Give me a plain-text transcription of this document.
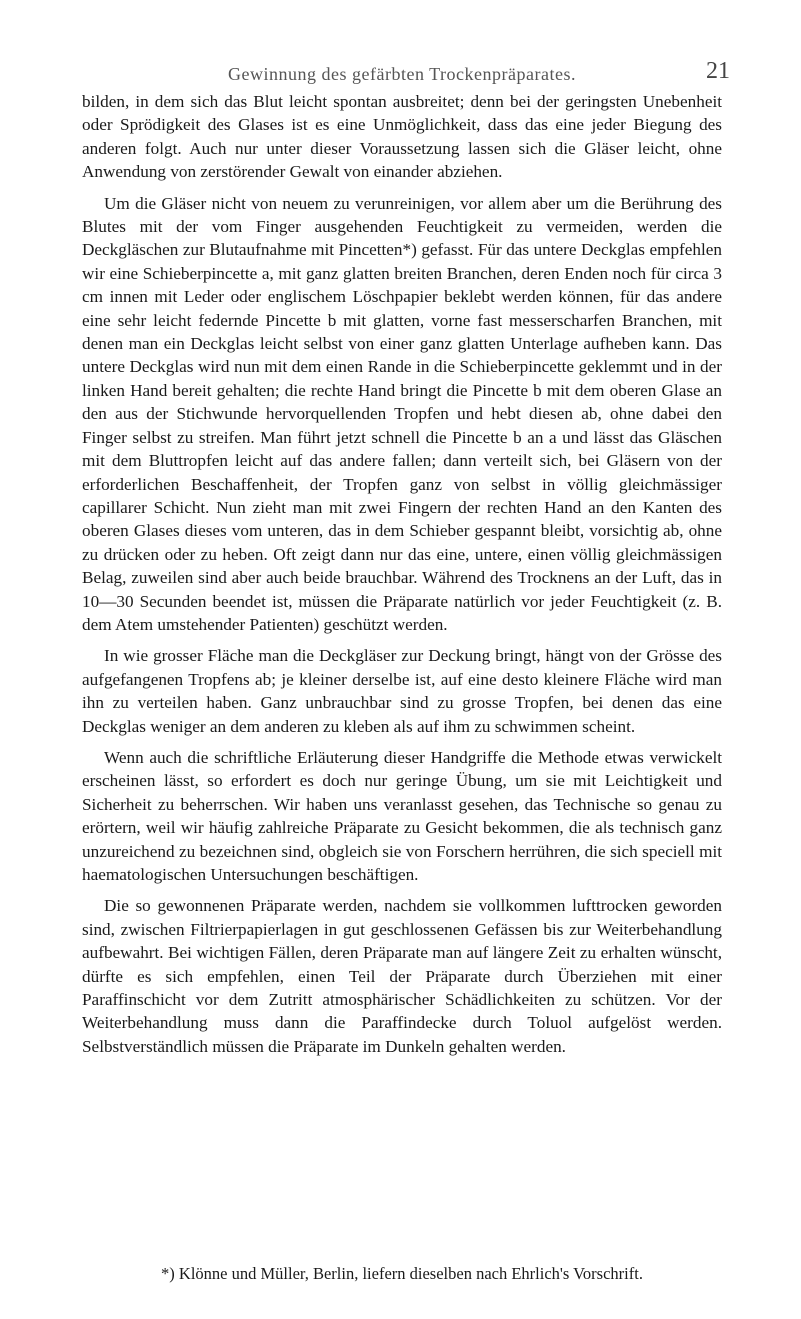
Gewinnung des gefärbten Trockenpräparates.	21

bilden, in dem sich das Blut leicht spontan ausbreitet; denn bei der geringsten Unebenheit oder Sprödigkeit des Glases ist es eine Unmöglichkeit, dass das eine jeder Biegung des anderen folgt. Auch nur unter dieser Voraussetzung lassen sich die Gläser leicht, ohne Anwendung von zerstörender Gewalt von einander abziehen.

Um die Gläser nicht von neuem zu verunreinigen, vor allem aber um die Berührung des Blutes mit der vom Finger ausgehenden Feuchtigkeit zu vermeiden, werden die Deckgläschen zur Blutaufnahme mit Pincetten*) gefasst. Für das untere Deckglas empfehlen wir eine Schieberpincette a, mit ganz glatten breiten Branchen, deren Enden noch für circa 3 cm innen mit Leder oder englischem Löschpapier beklebt werden können, für das andere eine sehr leicht federnde Pincette b mit glatten, vorne fast messerscharfen Branchen, mit denen man ein Deckglas leicht selbst von einer ganz glatten Unterlage aufheben kann. Das untere Deckglas wird nun mit dem einen Rande in die Schieberpincette geklemmt und in der linken Hand bereit gehalten; die rechte Hand bringt die Pincette b mit dem oberen Glase an den aus der Stichwunde hervorquellenden Tropfen und hebt diesen ab, ohne dabei den Finger selbst zu streifen. Man führt jetzt schnell die Pincette b an a und lässt das Gläschen mit dem Bluttropfen leicht auf das andere fallen; dann verteilt sich, bei Gläsern von der erforderlichen Beschaffenheit, der Tropfen ganz von selbst in völlig gleichmässiger capillarer Schicht. Nun zieht man mit zwei Fingern der rechten Hand an den Kanten des oberen Glases dieses vom unteren, das in dem Schieber gespannt bleibt, vorsichtig ab, ohne zu drücken oder zu heben. Oft zeigt dann nur das eine, untere, einen völlig gleichmässigen Belag, zuweilen sind aber auch beide brauchbar. Während des Trocknens an der Luft, das in 10—30 Secunden beendet ist, müssen die Präparate natürlich vor jeder Feuchtigkeit (z. B. dem Atem umstehender Patienten) geschützt werden.

In wie grosser Fläche man die Deckgläser zur Deckung bringt, hängt von der Grösse des aufgefangenen Tropfens ab; je kleiner derselbe ist, auf eine desto kleinere Fläche wird man ihn zu verteilen haben. Ganz unbrauchbar sind zu grosse Tropfen, bei denen das eine Deckglas weniger an dem anderen zu kleben als auf ihm zu schwimmen scheint.

Wenn auch die schriftliche Erläuterung dieser Handgriffe die Methode etwas verwickelt erscheinen lässt, so erfordert es doch nur geringe Übung, um sie mit Leichtigkeit und Sicherheit zu beherrschen. Wir haben uns veranlasst gesehen, das Technische so genau zu erörtern, weil wir häufig zahlreiche Präparate zu Gesicht bekommen, die als technisch ganz unzureichend zu bezeichnen sind, obgleich sie von Forschern herrühren, die sich speciell mit haematologischen Untersuchungen beschäftigen.

Die so gewonnenen Präparate werden, nachdem sie vollkommen lufttrocken geworden sind, zwischen Filtrierpapierlagen in gut geschlossenen Gefässen bis zur Weiterbehandlung aufbewahrt. Bei wichtigen Fällen, deren Präparate man auf längere Zeit zu erhalten wünscht, dürfte es sich empfehlen, einen Teil der Präparate durch Überziehen mit einer Paraffinschicht vor dem Zutritt atmosphärischer Schädlichkeiten zu schützen. Vor der Weiterbehandlung muss dann die Paraffindecke durch Toluol aufgelöst werden. Selbstverständlich müssen die Präparate im Dunkeln gehalten werden.

*) Klönne und Müller, Berlin, liefern dieselben nach Ehrlich's Vorschrift.
